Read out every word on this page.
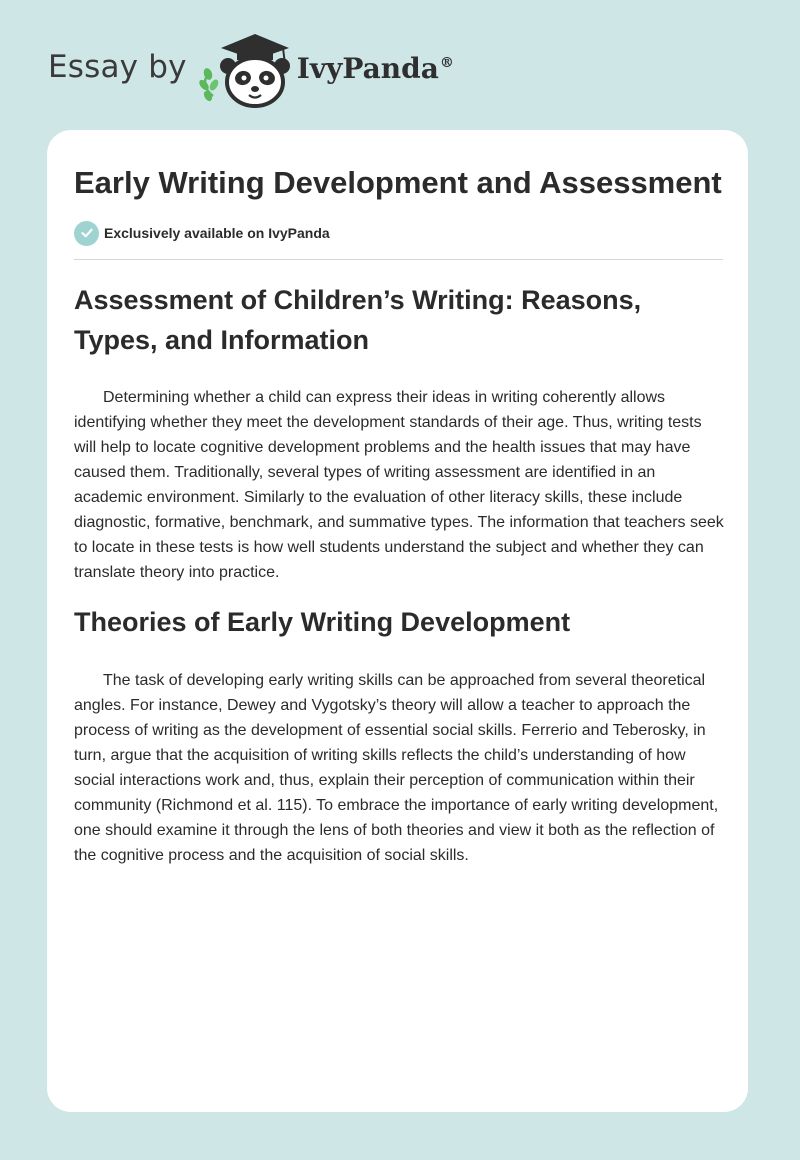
Essay by	IvyPanda®
Early Writing Development and Assessment
Exclusively available on IvyPanda
Assessment of Children’s Writing: Reasons, Types, and Information

Determining whether a child can express their ideas in writing coherently allows identifying whether they meet the development standards of their age. Thus, writing tests will help to locate cognitive development problems and the health issues that may have caused them. Traditionally, several types of writing assessment are identified in an academic environment. Similarly to the evaluation of other literacy skills, these include diagnostic, formative, benchmark, and summative types. The information that teachers seek to locate in these tests is how well students understand the subject and whether they can translate theory into practice.

Theories of Early Writing Development

The task of developing early writing skills can be approached from several theoretical angles. For instance, Dewey and Vygotsky’s theory will allow a teacher to approach the process of writing as the development of essential social skills. Ferrerio and Teberosky, in turn, argue that the acquisition of writing skills reflects the child’s understanding of how social interactions work and, thus, explain their perception of communication within their community (Richmond et al. 115). To embrace the importance of early writing development, one should examine it through the lens of both theories and view it both as the reflection of the cognitive process and the acquisition of social skills.
